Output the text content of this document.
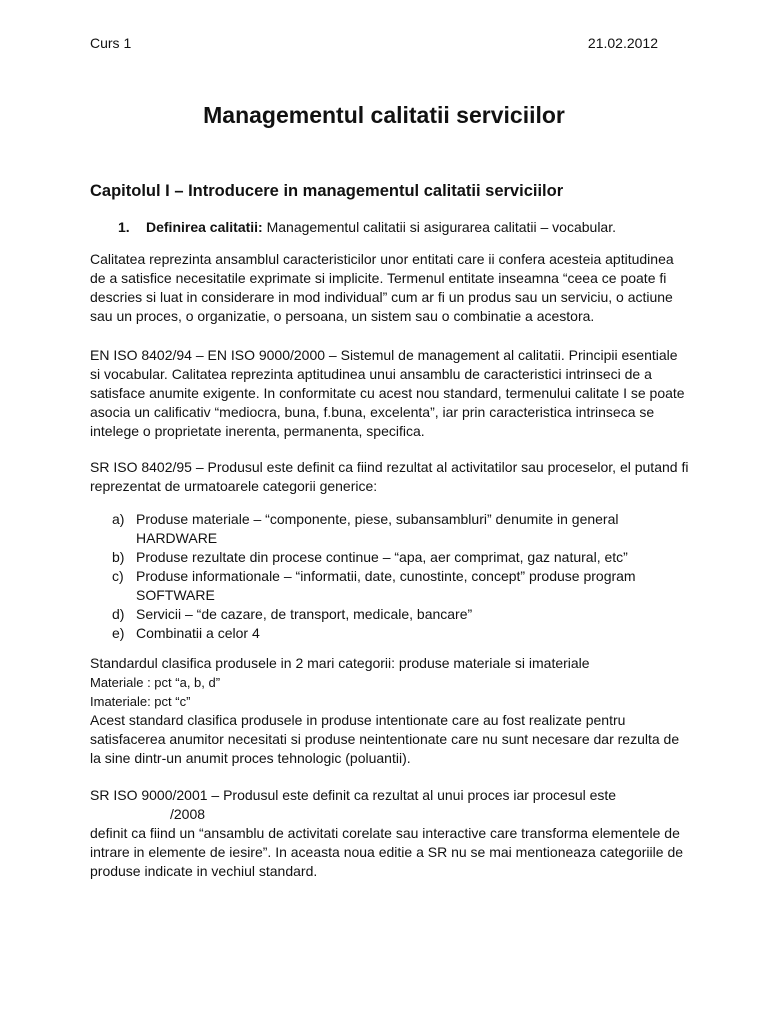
Curs 1	21.02.2012
Managementul calitatii serviciilor
Capitolul I – Introducere in managementul calitatii serviciilor
1. Definirea calitatii: Managementul calitatii si asigurarea calitatii – vocabular.

Calitatea reprezinta ansamblul caracteristicilor unor entitati care ii confera acesteia aptitudinea de a satisfice necesitatile exprimate si implicite. Termenul entitate inseamna “ceea ce poate fi descries si luat in considerare in mod individual” cum ar fi un produs sau un serviciu, o actiune sau un proces, o organizatie, o persoana, un sistem sau o combinatie a acestora.

EN ISO 8402/94 – EN ISO 9000/2000 – Sistemul de management al calitatii. Principii esentiale si vocabular. Calitatea reprezinta aptitudinea unui ansamblu de caracteristici intrinseci de a satisface anumite exigente. In conformitate cu acest nou standard, termenului calitate I se poate asocia un calificativ “mediocra, buna, f.buna, excelenta”, iar prin caracteristica intrinseca se intelege o proprietate inerenta, permanenta, specifica.

SR ISO 8402/95 – Produsul este definit ca fiind rezultat al activitatilor sau proceselor, el putand fi reprezentat de urmatoarele categorii generice:

a) Produse materiale – “componente, piese, subansambluri” denumite in general HARDWARE
b) Produse rezultate din procese continue – “apa, aer comprimat, gaz natural, etc”
c) Produse informationale – “informatii, date, cunostinte, concept” produse program SOFTWARE
d) Servicii – “de cazare, de transport, medicale, bancare”
e) Combinatii a celor 4
Standardul clasifica produsele in 2 mari categorii: produse materiale si imateriale
Materiale : pct “a, b, d”
Imateriale: pct “c”
Acest standard clasifica produsele in produse intentionate care au fost realizate pentru satisfacerea anumitor necesitati si produse neintentionate care nu sunt necesare dar rezulta de la sine dintr-un anumit proces tehnologic (poluantii).
SR ISO 9000/2001 – Produsul este definit ca rezultat al unui proces iar procesul este
/2008
definit ca fiind un “ansamblu de activitati corelate sau interactive care transforma elementele de intrare in elemente de iesire”. In aceasta noua editie a SR nu se mai mentioneaza categoriile de produse indicate in vechiul standard.
